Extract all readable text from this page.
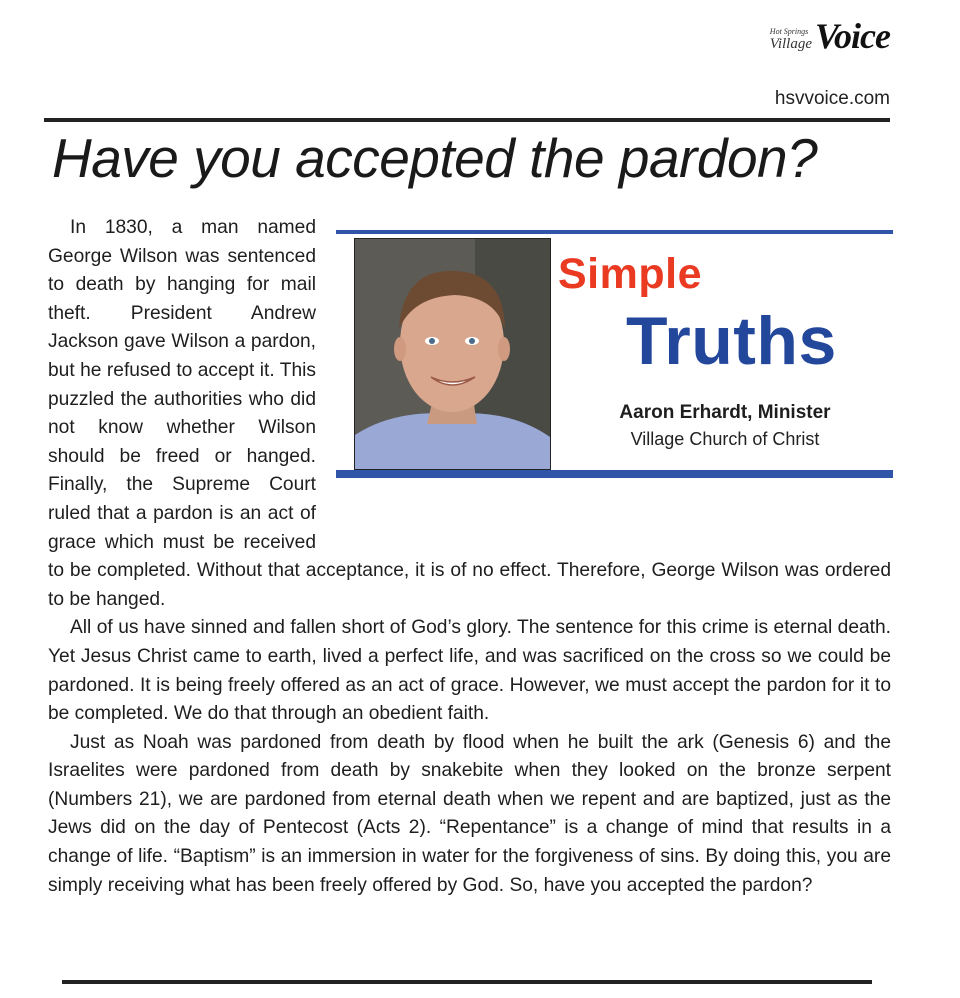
Hot Springs
Village Voice
hsvvoice.com
Have you accepted the pardon?

In 1830, a man named George Wilson was sentenced to death by hanging for mail theft. President Andrew Jackson gave Wilson a pardon, but he refused to accept it. This puzzled the authorities who did not know whether Wilson should be freed or hanged. Finally, the Supreme Court ruled that a pardon is an act of grace which must be received to be completed. Without that acceptance, it is of no effect. Therefore, George Wilson was ordered to be hanged.

All of us have sinned and fallen short of God’s glory. The sentence for this crime is eternal death. Yet Jesus Christ came to earth, lived a perfect life, and was sacrificed on the cross so we could be pardoned. It is being freely offered as an act of grace. However, we must accept the pardon for it to be completed. We do that through an obedient faith.

Just as Noah was pardoned from death by flood when he built the ark (Genesis 6) and the Israelites were pardoned from death by snakebite when they looked on the bronze serpent (Numbers 21), we are pardoned from eternal death when we repent and are baptized, just as the Jews did on the day of Pentecost (Acts 2). “Repentance” is a change of mind that results in a change of life. “Baptism” is an immersion in water for the forgiveness of sins. By doing this, you are simply receiving what has been freely offered by God. So, have you accepted the pardon?

Simple
Truths
Aaron Erhardt, Minister
Village Church of Christ
